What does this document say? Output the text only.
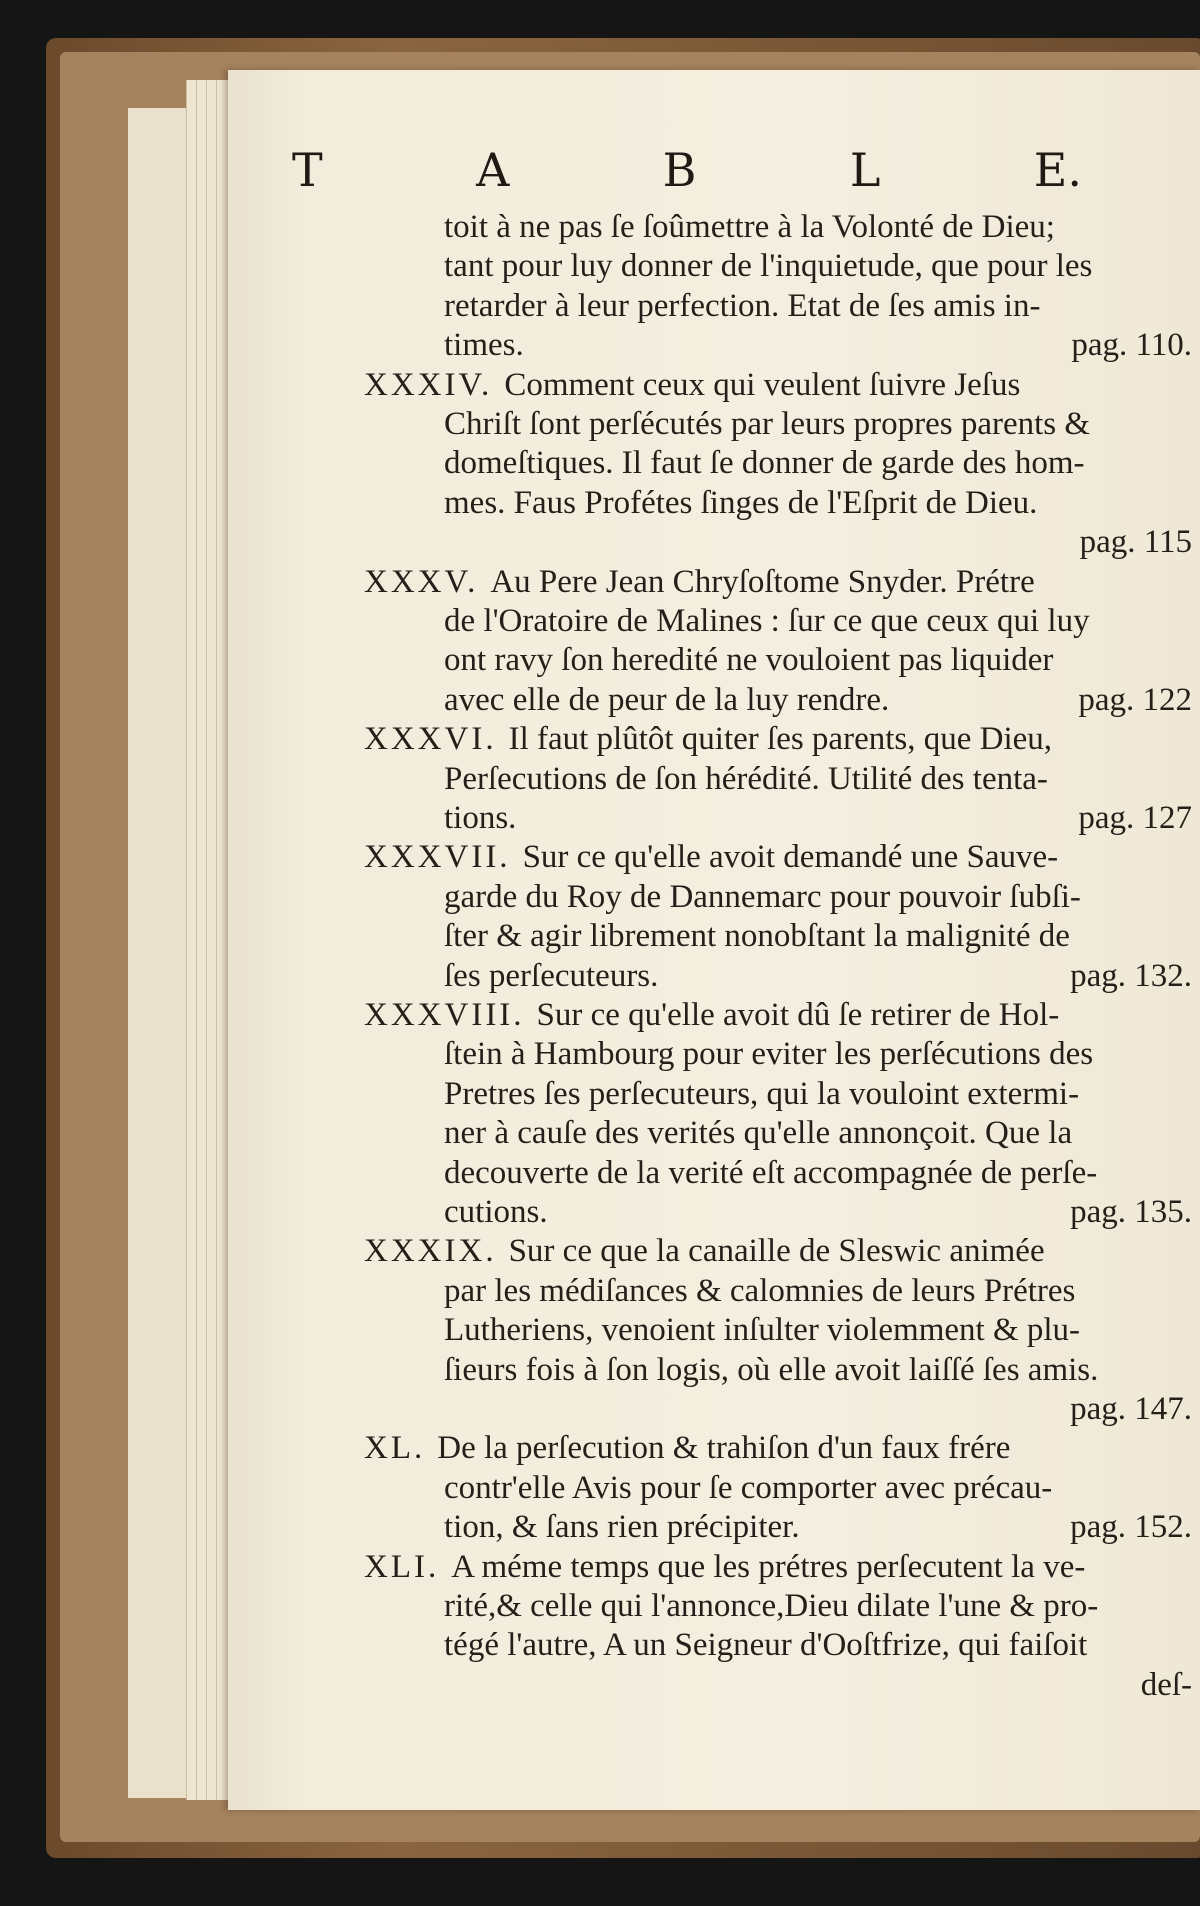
T	A	B	L	E.
toit à ne pas ſe ſoûmettre à la Volonté de Dieu;
tant pour luy donner de l'inquietude, que pour les
retarder à leur perfection. Etat de ſes amis in-
times.	pag. 110.
XXXIV. Comment ceux qui veulent ſuivre Jeſus
Chriſt ſont perſécutés par leurs propres parents &
domeſtiques. Il faut ſe donner de garde des hom-
mes. Faus Profétes ſinges de l'Eſprit de Dieu.
pag. 115
XXXV. Au Pere Jean Chryſoſtome Snyder. Prétre
de l'Oratoire de Malines : ſur ce que ceux qui luy
ont ravy ſon heredité ne vouloient pas liquider
avec elle de peur de la luy rendre.	pag. 122
XXXVI. Il faut plûtôt quiter ſes parents, que Dieu,
Perſecutions de ſon hérédité. Utilité des tenta-
tions.	pag. 127
XXXVII. Sur ce qu'elle avoit demandé une Sauve-
garde du Roy de Dannemarc pour pouvoir ſubſi-
ſter & agir librement nonobſtant la malignité de
ſes perſecuteurs.	pag. 132.
XXXVIII. Sur ce qu'elle avoit dû ſe retirer de Hol-
ſtein à Hambourg pour eviter les perſécutions des
Pretres ſes perſecuteurs, qui la vouloint extermi-
ner à cauſe des verités qu'elle annonçoit. Que la
decouverte de la verité eſt accompagnée de perſe-
cutions.	pag. 135.
XXXIX. Sur ce que la canaille de Sleswic animée
par les médiſances & calomnies de leurs Prétres
Lutheriens, venoient inſulter violemment & plu-
ſieurs fois à ſon logis, où elle avoit laiſſé ſes amis.
pag. 147.
XL. De la perſecution & trahiſon d'un faux frére
contr'elle Avis pour ſe comporter avec précau-
tion, & ſans rien précipiter.	pag. 152.
XLI. A méme temps que les prétres perſecutent la ve-
rité,& celle qui l'annonce,Dieu dilate l'une & pro-
tégé l'autre, A un Seigneur d'Ooſtfrize, qui faiſoit
deſ-
